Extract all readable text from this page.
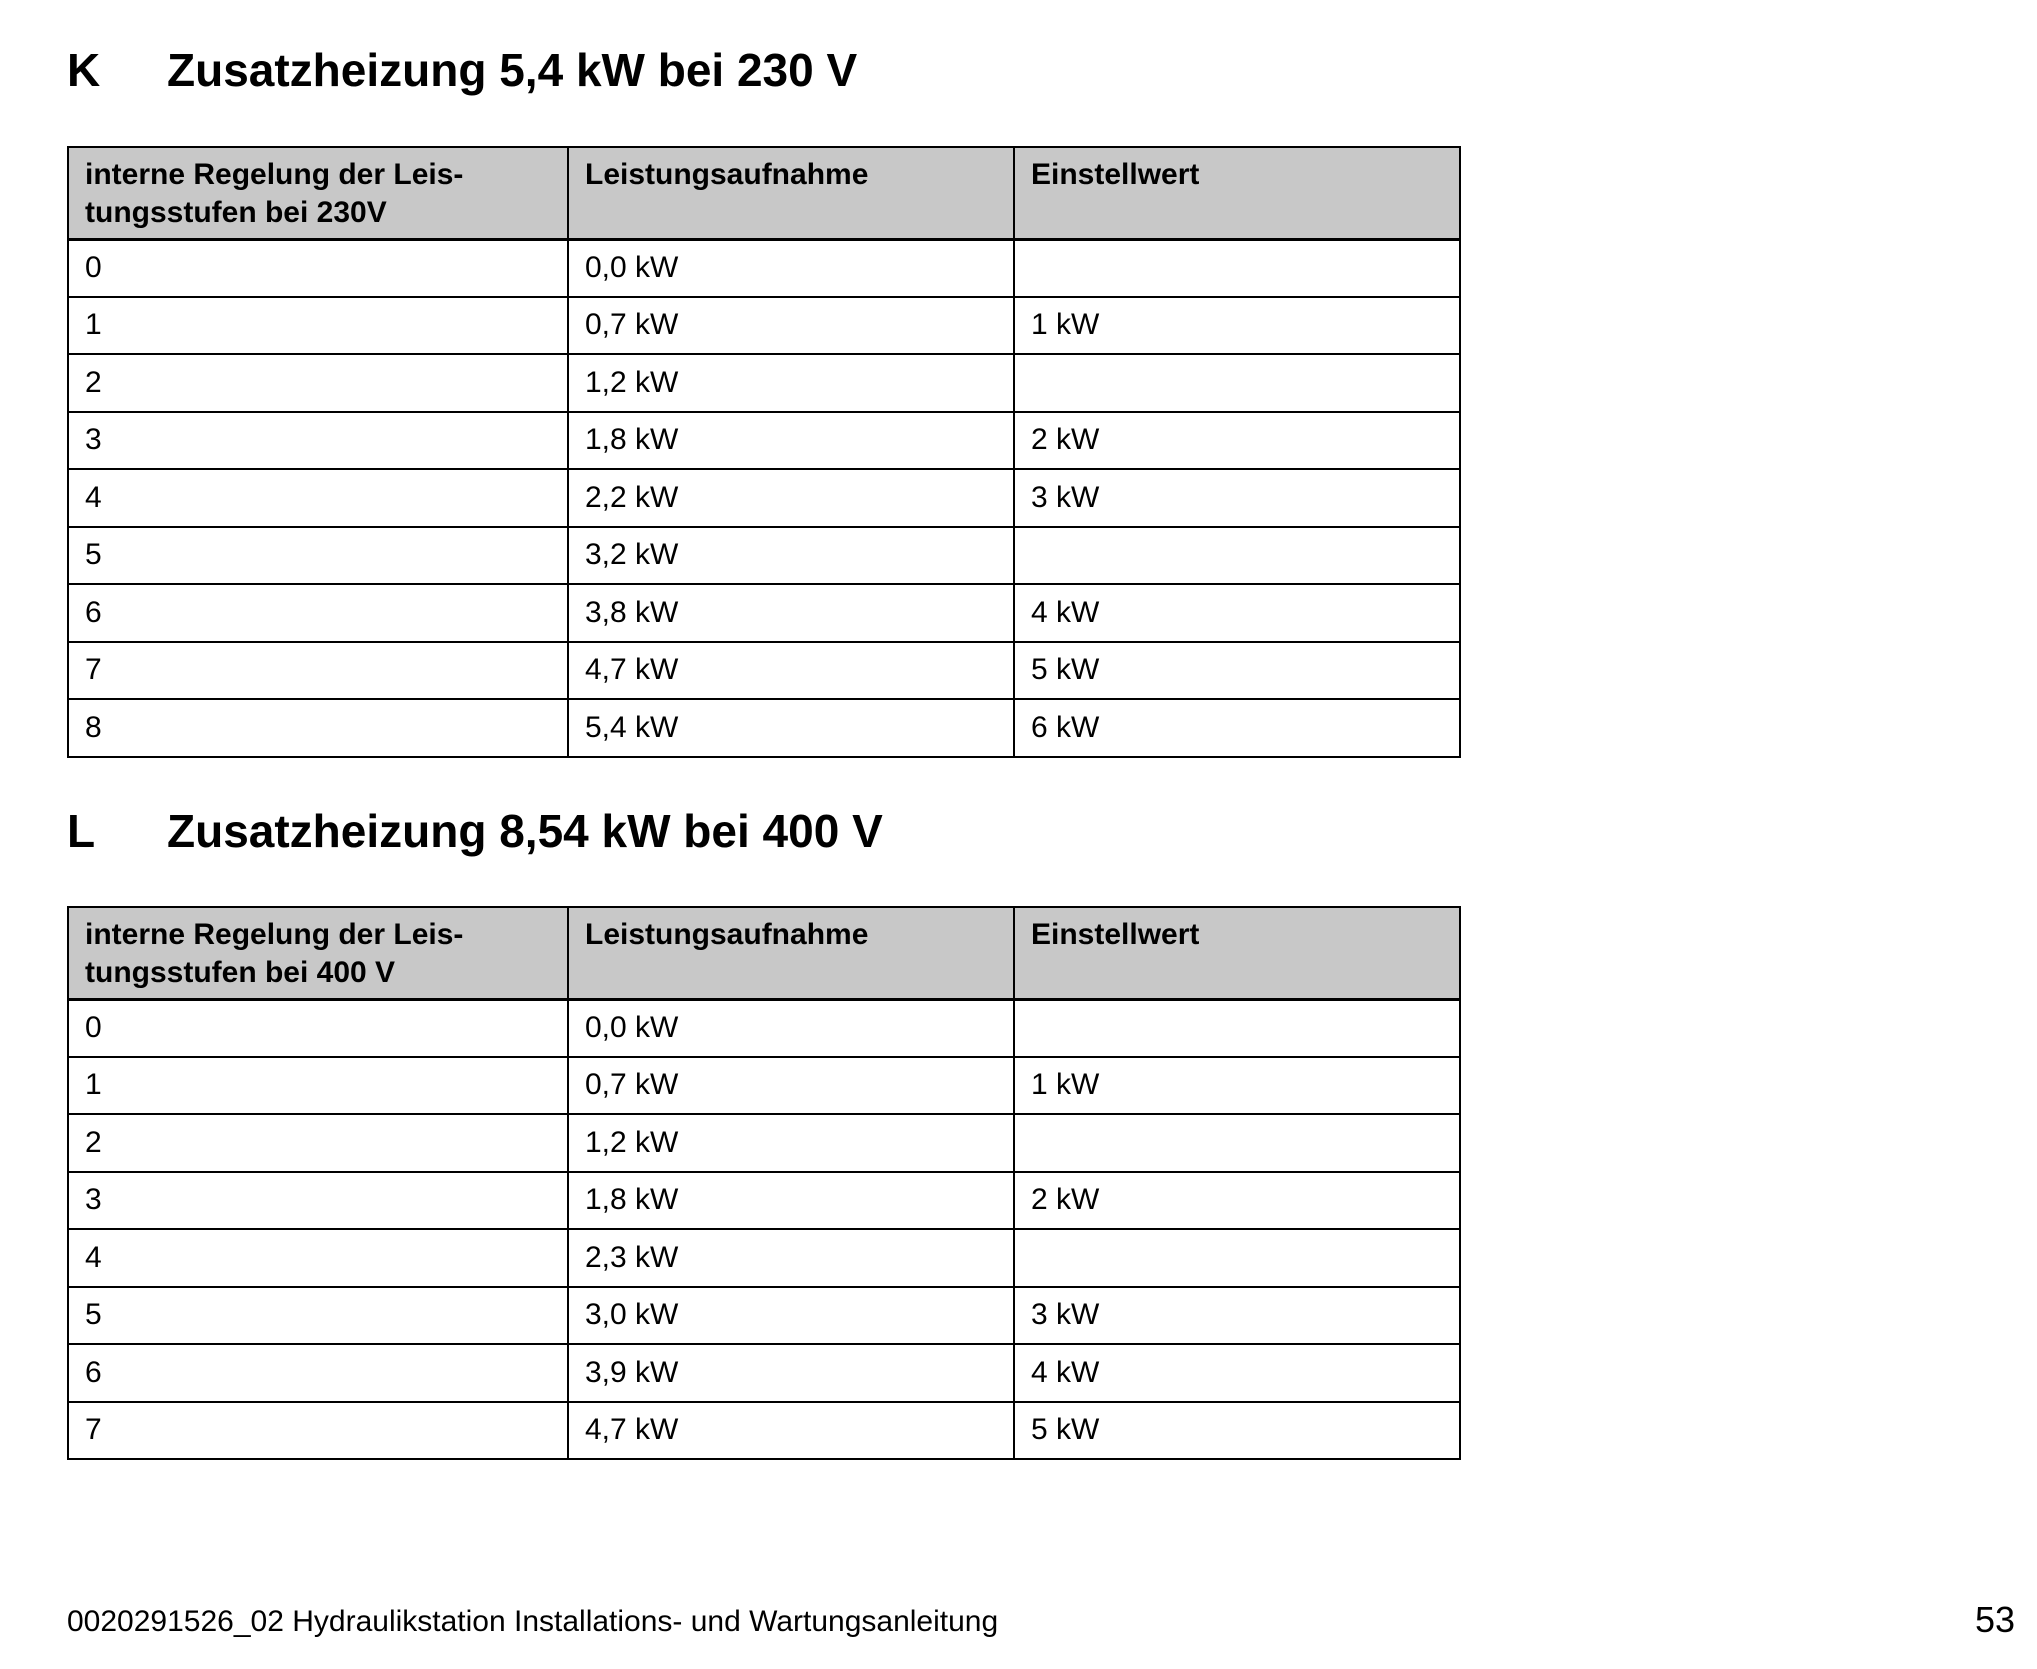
K Zusatzheizung 5,4 kW bei 230 V
interne Regelung der Leis-
tungsstufen bei 230V	Leistungsaufnahme	Einstellwert
0	0,0 kW	
1	0,7 kW	1 kW
2	1,2 kW	
3	1,8 kW	2 kW
4	2,2 kW	3 kW
5	3,2 kW	
6	3,8 kW	4 kW
7	4,7 kW	5 kW
8	5,4 kW	6 kW
L Zusatzheizung 8,54 kW bei 400 V
interne Regelung der Leis-
tungsstufen bei 400 V	Leistungsaufnahme	Einstellwert
0	0,0 kW	
1	0,7 kW	1 kW
2	1,2 kW	
3	1,8 kW	2 kW
4	2,3 kW	
5	3,0 kW	3 kW
6	3,9 kW	4 kW
7	4,7 kW	5 kW
0020291526_02 Hydraulikstation Installations- und Wartungsanleitung	53
